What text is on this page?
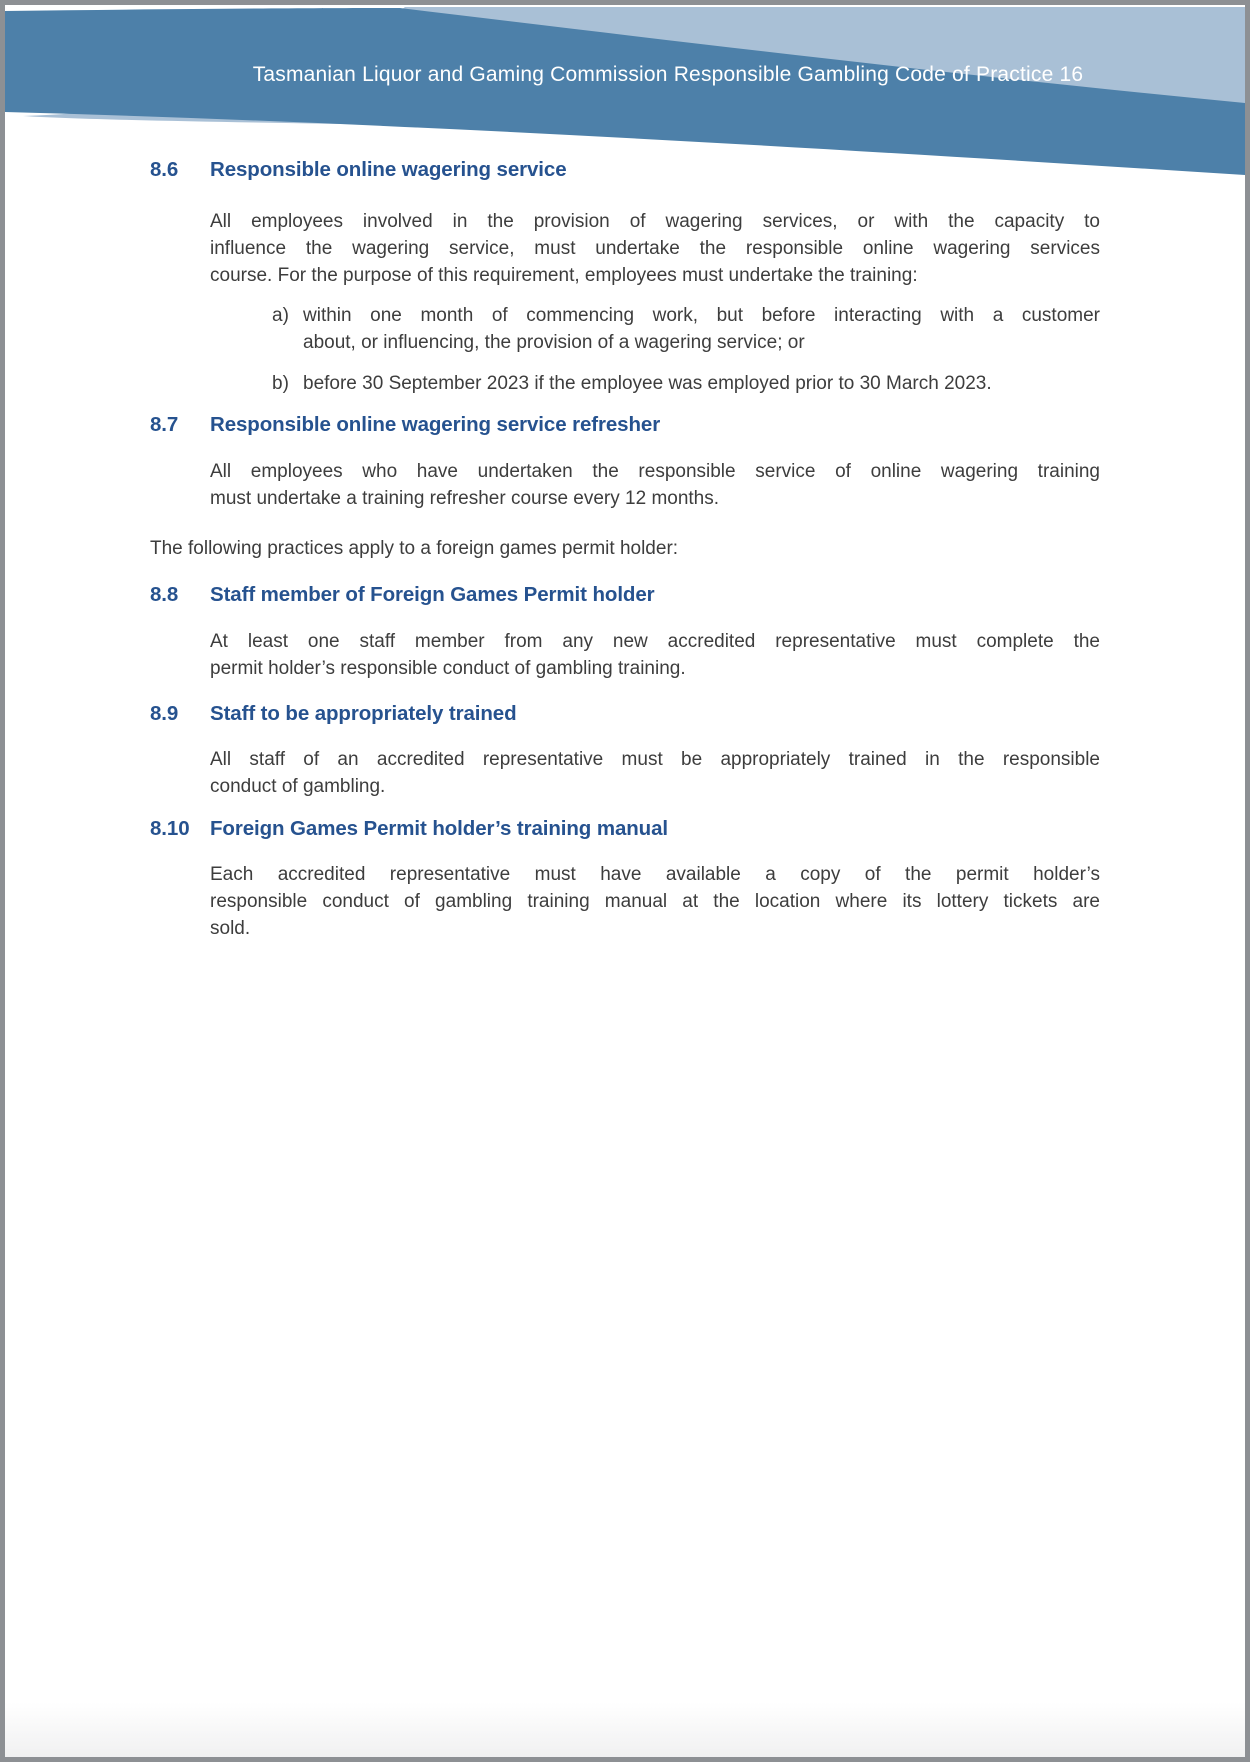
Tasmanian Liquor and Gaming Commission Responsible Gambling Code of Practice 16
8.6	Responsible online wagering service
All employees involved in the provision of wagering services, or with the capacity to
influence the wagering service, must undertake the responsible online wagering services
course. For the purpose of this requirement, employees must undertake the training:
a) within one month of commencing work, but before interacting with a customer
about, or influencing, the provision of a wagering service; or
b) before 30 September 2023 if the employee was employed prior to 30 March 2023.
8.7	Responsible online wagering service refresher
All employees who have undertaken the responsible service of online wagering training
must undertake a training refresher course every 12 months.
The following practices apply to a foreign games permit holder:
8.8	Staff member of Foreign Games Permit holder
At least one staff member from any new accredited representative must complete the
permit holder’s responsible conduct of gambling training.
8.9	Staff to be appropriately trained
All staff of an accredited representative must be appropriately trained in the responsible
conduct of gambling.
8.10	Foreign Games Permit holder’s training manual
Each accredited representative must have available a copy of the permit holder’s
responsible conduct of gambling training manual at the location where its lottery tickets are
sold.
